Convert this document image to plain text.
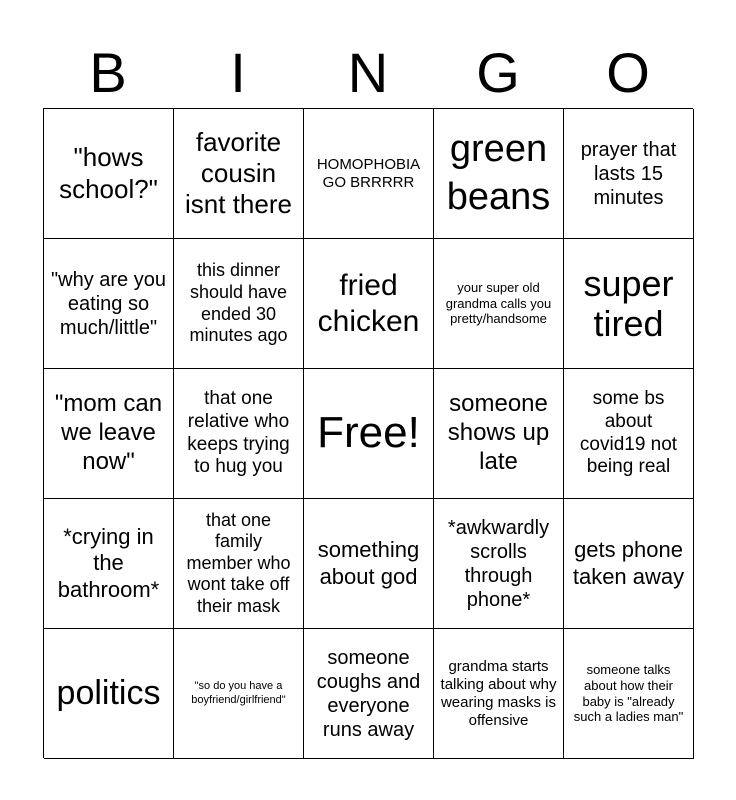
B	I	N	G	O
"hows school?"
favorite cousin isnt there
HOMOPHOBIA GO BRRRRR
green beans
prayer that lasts 15 minutes
"why are you eating so much/little"
this dinner should have ended 30 minutes ago
fried chicken
your super old grandma calls you pretty/handsome
super tired
"mom can we leave now"
that one relative who keeps trying to hug you
Free!
someone shows up late
some bs about covid19 not being real
*crying in the bathroom*
that one family member who wont take off their mask
something about god
*awkwardly scrolls through phone*
gets phone taken away
politics	"so do you have a boyfriend/girlfriend"
someone coughs and everyone runs away
grandma starts talking about why wearing masks is offensive
someone talks about how their baby is "already such a ladies man"
